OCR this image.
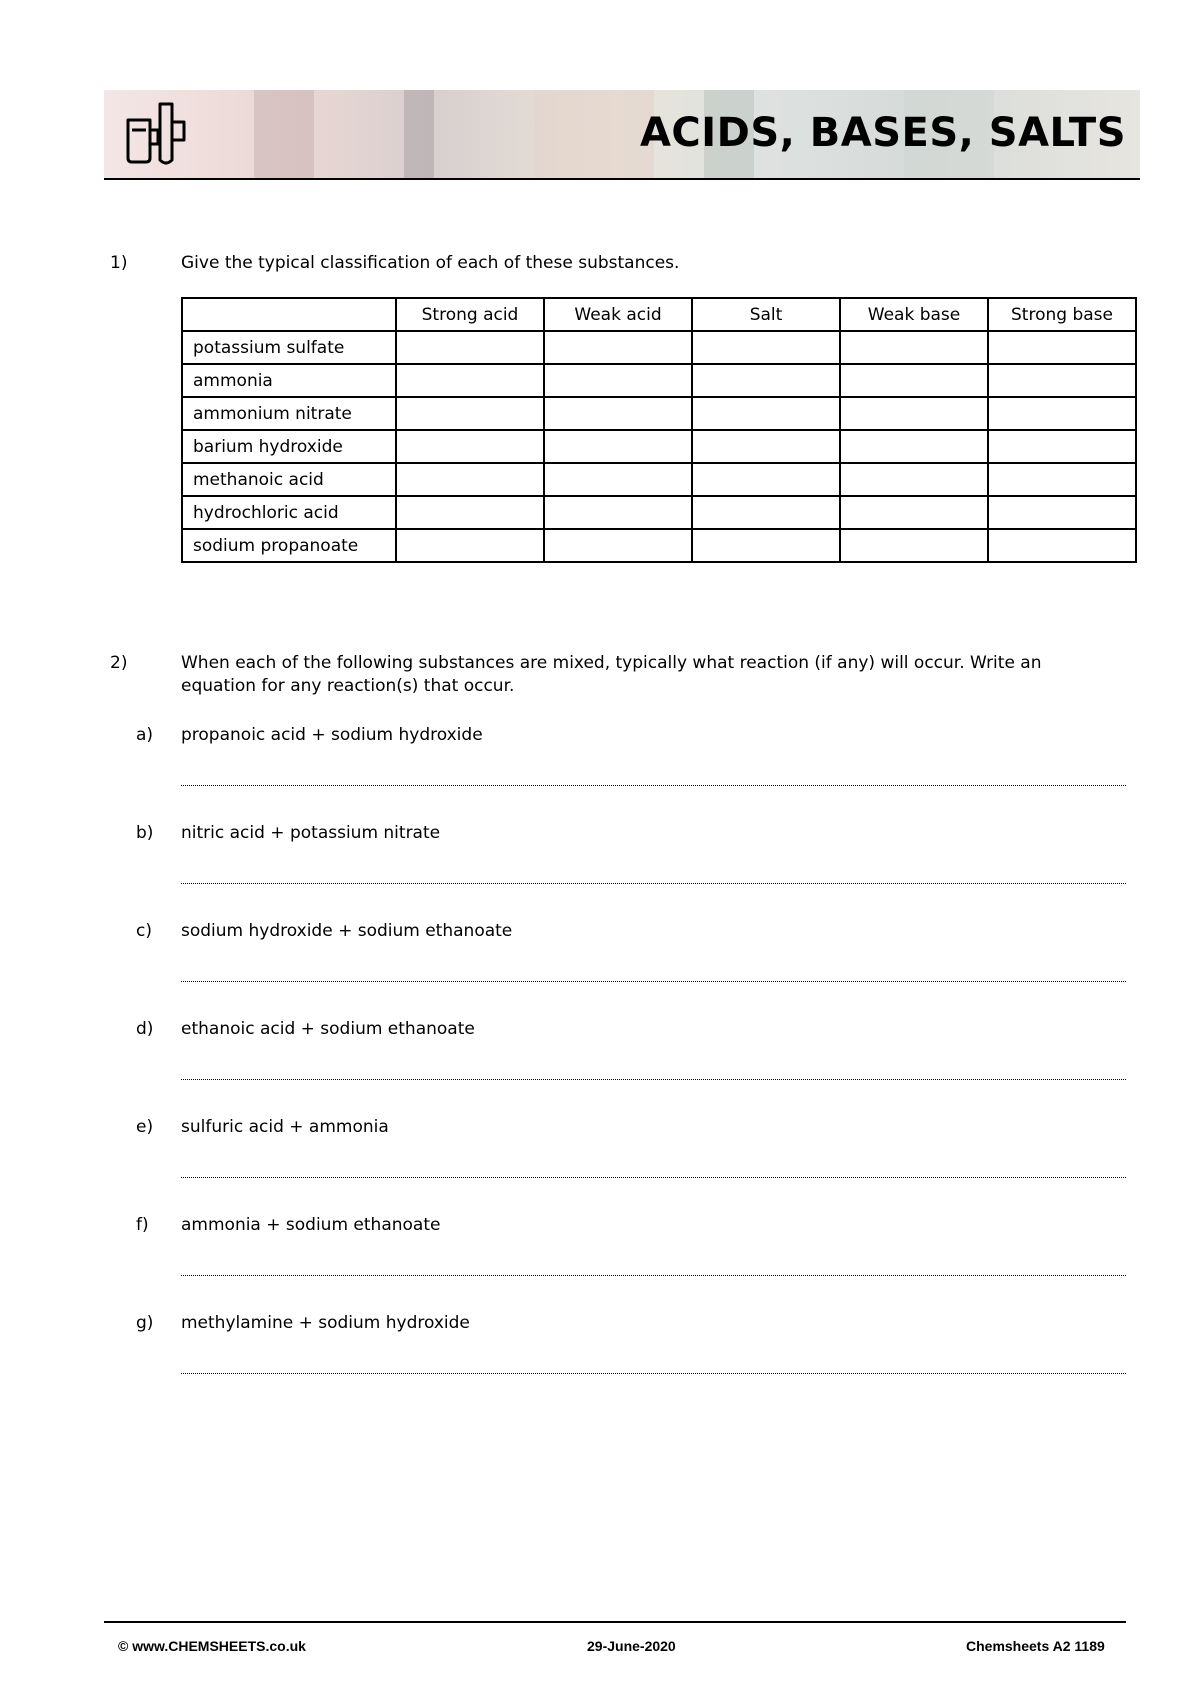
ACIDS, BASES, SALTS
1)	Give the typical classification of each of these substances.
	Strong acid	Weak acid	Salt	Weak base	Strong base
potassium sulfate					
ammonia					
ammonium nitrate					
barium hydroxide					
methanoic acid					
hydrochloric acid					
sodium propanoate					
2)	When each of the following substances are mixed, typically what reaction (if any) will occur. Write an equation for any reaction(s) that occur.
a) propanoic acid + sodium hydroxide
b) nitric acid + potassium nitrate
c) sodium hydroxide + sodium ethanoate
d) ethanoic acid + sodium ethanoate
e) sulfuric acid + ammonia
f) ammonia + sodium ethanoate
g) methylamine + sodium hydroxide
© www.CHEMSHEETS.co.uk	29-June-2020	Chemsheets A2 1189
